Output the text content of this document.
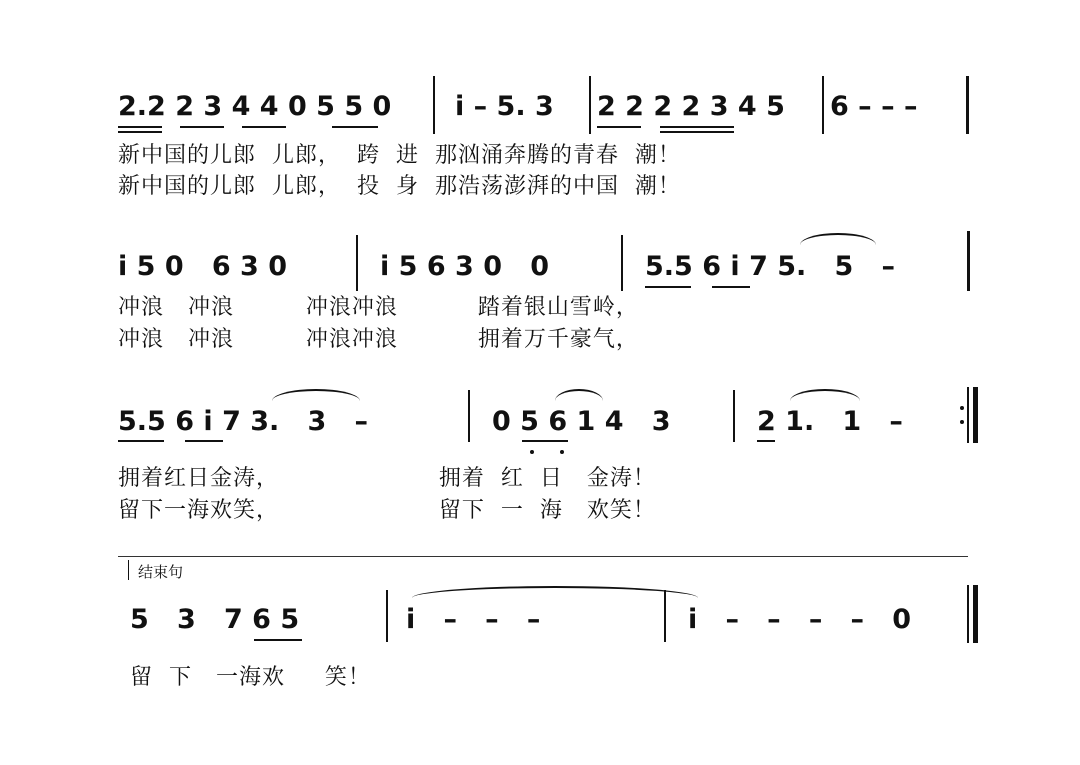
2.2 2 3 4 4 0 5 5 0 i – 5. 3 2 2 2 2 3 4 5 6 – – –
新中国的儿郎  儿郎，  跨  进  那汹涌奔腾的青春  潮！
新中国的儿郎  儿郎，  投  身  那浩荡澎湃的中国  潮！
i 5 0   6 3 0	i 5 6 3 0   0	5.5 6 i 7 5.   5   –
冲浪   冲浪         冲浪冲浪          踏着银山雪岭，
冲浪   冲浪         冲浪冲浪          拥着万千豪气，
5.5 6 i 7 3.   3   –	0 5 6 1 4   3	2 1.   1   –
拥着红日金涛，                    拥着  红  日   金涛！
留下一海欢笑，                    留下  一  海   欢笑！
结束句
5   3   7 6 5	i   –   –   –	i   –   –   –   –   0
留  下   一海欢     笑！
